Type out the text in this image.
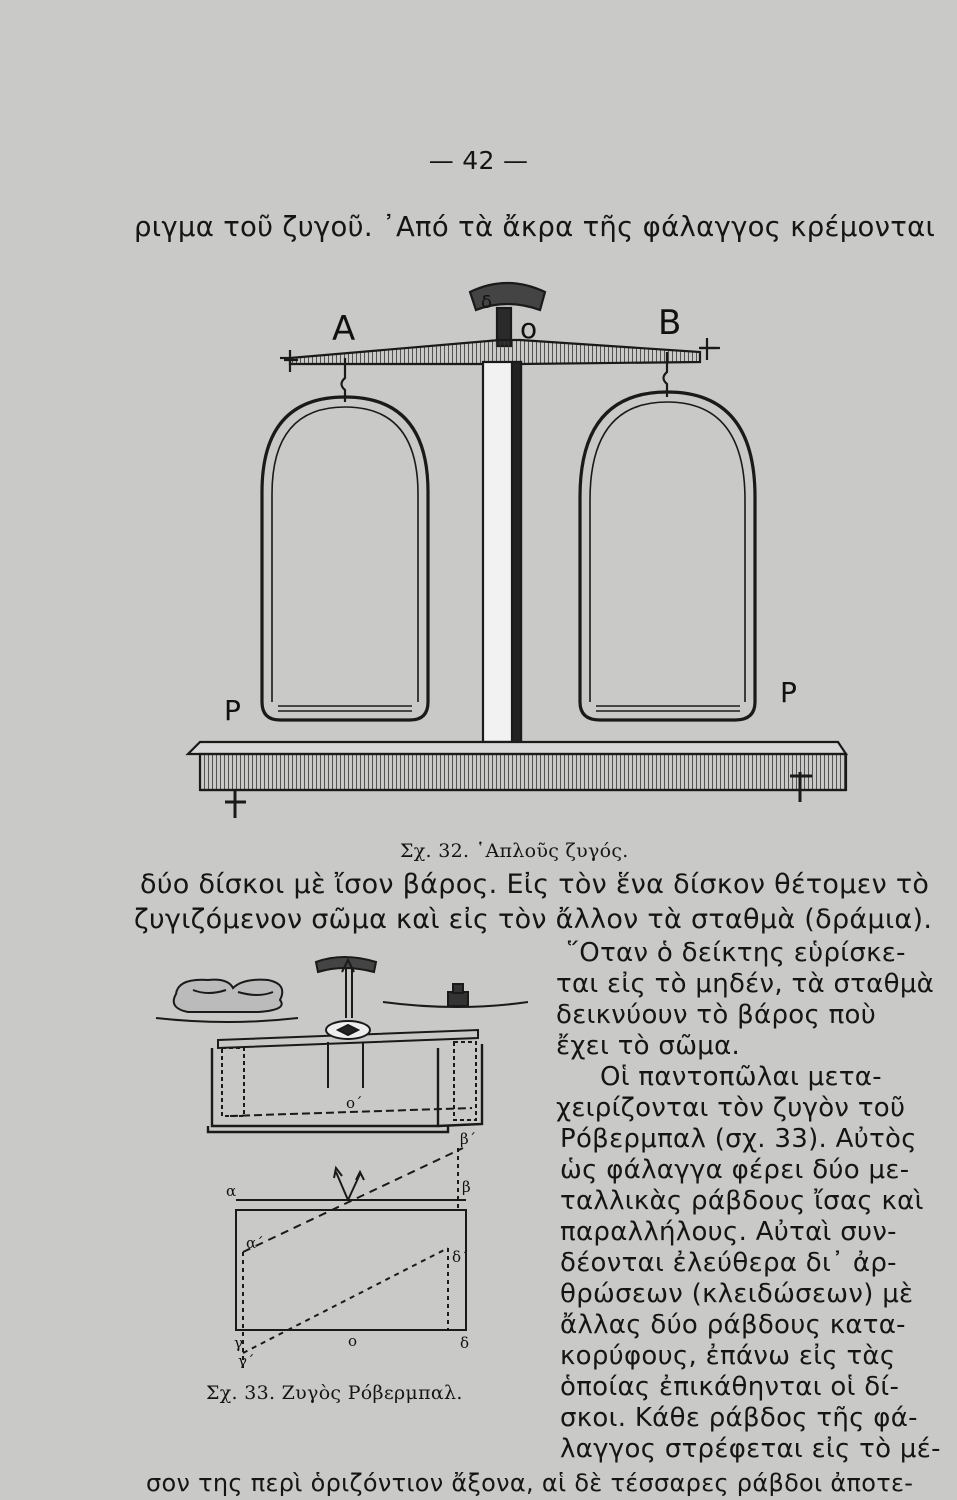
— 42 —
ριγμα τοῦ ζυγοῦ. ᾿Από τὰ ἄκρα τῆς φάλαγγος κρέμονται
δ
A	o	B
P
P
Σχ. 32. ῾Απλοῦς ζυγός.
δύο δίσκοι μὲ ἴσον βάρος. Εἰς τὸν ἕνα δίσκον θέτομεν τὸ
ζυγιζόμενον σῶμα καὶ εἰς τὸν ἄλλον τὰ σταθμὰ (δράμια).
῞Οταν ὁ δείκτης εὑρίσκε-
ται εἰς τὸ μηδέν, τὰ σταθμὰ
δεικνύουν τὸ βάρος ποὺ
ἔχει τὸ σῶμα.
Οἱ παντοπῶλαι μετα-
χειρίζονται τὸν ζυγὸν τοῦ
Ρόβερμπαλ (σχ. 33). Αὐτὸς
ὡς φάλαγγα φέρει δύο με-
ταλλικὰς ράβδους ἴσας καὶ
παραλλήλους. Αὐταὶ συν-
δέονται ἐλεύθερα δι᾿ ἀρ-
θρώσεων (κλειδώσεων) μὲ
ἄλλας δύο ράβδους κατα-
κορύφους, ἐπάνω εἰς τὰς
ὁποίας ἐπικάθηνται οἱ δί-
σκοι. Κάθε ράβδος τῆς φά-
λαγγος στρέφεται εἰς τὸ μέ-
α	β
α΄
β΄
δ΄
ο
ο΄
γ	δ
γ΄
Σχ. 33. Ζυγὸς Ρόβερμπαλ.
σον της περὶ ὁριζόντιον ἄξονα, αἱ δὲ τέσσαρες ράβδοι ἀποτε-
